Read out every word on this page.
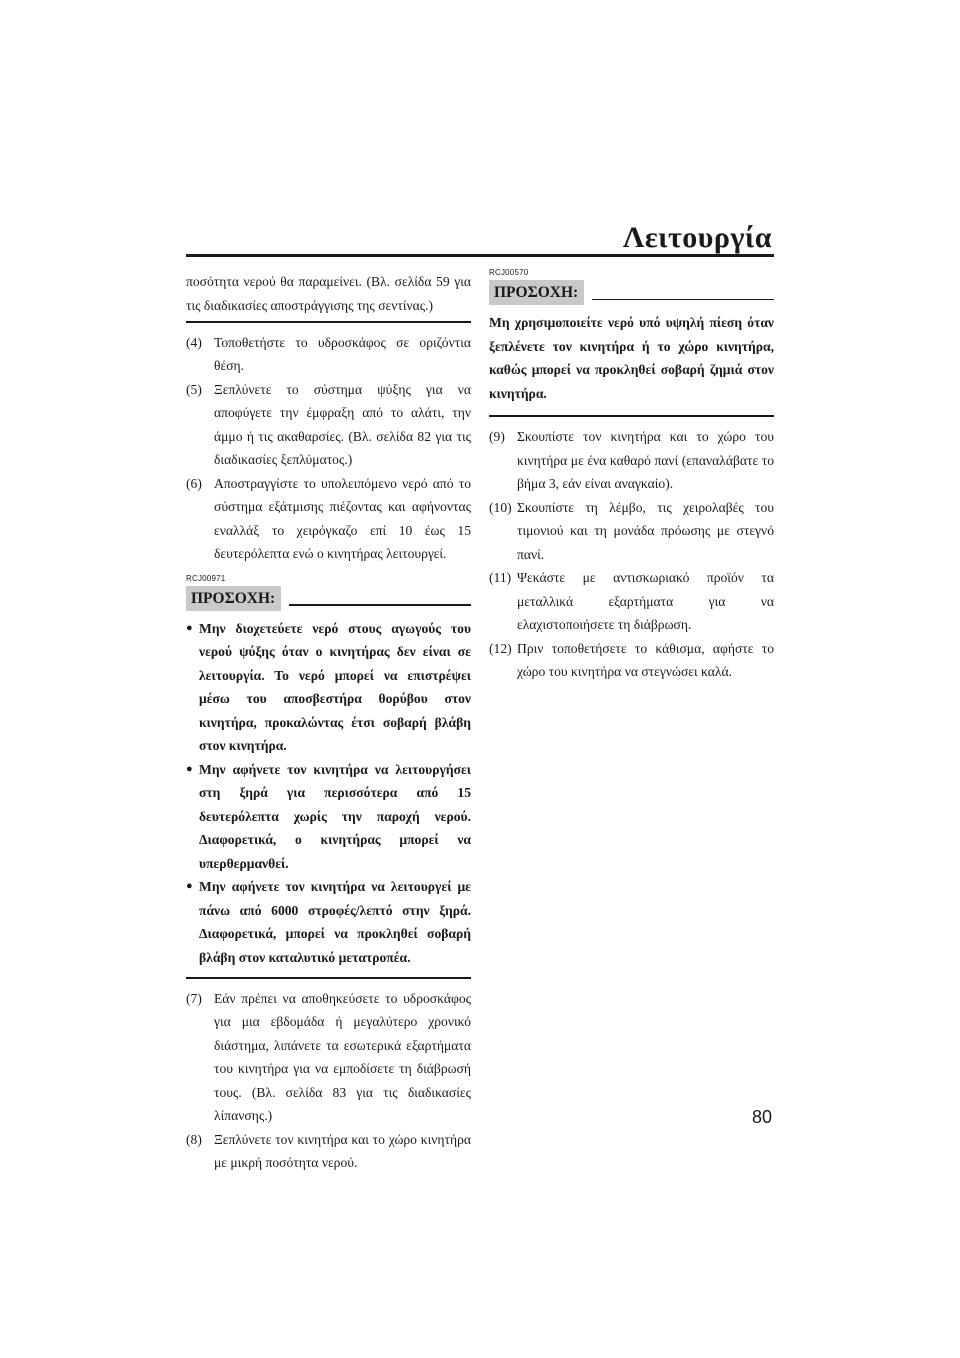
Λειτουργία
ποσότητα νερού θα παραμείνει. (Βλ. σελίδα 59 για τις διαδικασίες αποστράγγισης της σεντίνας.)
(4) Τοποθετήστε το υδροσκάφος σε οριζόντια θέση.
(5) Ξεπλύνετε το σύστημα ψύξης για να αποφύγετε την έμφραξη από το αλάτι, την άμμο ή τις ακαθαρσίες. (Βλ. σελίδα 82 για τις διαδικασίες ξεπλύματος.)
(6) Αποστραγγίστε το υπολειπόμενο νερό από το σύστημα εξάτμισης πιέζοντας και αφήνοντας εναλλάξ το χειρόγκαζο επί 10 έως 15 δευτερόλεπτα ενώ ο κινητήρας λειτουργεί.
RCJ00971
ΠΡΟΣΟΧΗ:
● Μην διοχετεύετε νερό στους αγωγούς του νερού ψύξης όταν ο κινητήρας δεν είναι σε λειτουργία. Το νερό μπορεί να επιστρέψει μέσω του αποσβεστήρα θορύβου στον κινητήρα, προκαλώντας έτσι σοβαρή βλάβη στον κινητήρα.
● Μην αφήνετε τον κινητήρα να λειτουργήσει στη ξηρά για περισσότερα από 15 δευτερόλεπτα χωρίς την παροχή νερού. Διαφορετικά, ο κινητήρας μπορεί να υπερθερμανθεί.
● Μην αφήνετε τον κινητήρα να λειτουργεί με πάνω από 6000 στροφές/λεπτό στην ξηρά. Διαφορετικά, μπορεί να προκληθεί σοβαρή βλάβη στον καταλυτικό μετατροπέα.
(7) Εάν πρέπει να αποθηκεύσετε το υδροσκάφος για μια εβδομάδα ή μεγαλύτερο χρονικό διάστημα, λιπάνετε τα εσωτερικά εξαρτήματα του κινητήρα για να εμποδίσετε τη διάβρωσή τους. (Βλ. σελίδα 83 για τις διαδικασίες λίπανσης.)
(8) Ξεπλύνετε τον κινητήρα και το χώρο κινητήρα με μικρή ποσότητα νερού.
RCJ00570
ΠΡΟΣΟΧΗ:
Μη χρησιμοποιείτε νερό υπό υψηλή πίεση όταν ξεπλένετε τον κινητήρα ή το χώρο κινητήρα, καθώς μπορεί να προκληθεί σοβαρή ζημιά στον κινητήρα.
(9) Σκουπίστε τον κινητήρα και το χώρο του κινητήρα με ένα καθαρό πανί (επαναλάβατε το βήμα 3, εάν είναι αναγκαίο).
(10) Σκουπίστε τη λέμβο, τις χειρολαβές του τιμονιού και τη μονάδα πρόωσης με στεγνό πανί.
(11) Ψεκάστε με αντισκωριακό προϊόν τα μεταλλικά εξαρτήματα για να ελαχιστοποιήσετε τη διάβρωση.
(12) Πριν τοποθετήσετε το κάθισμα, αφήστε το χώρο του κινητήρα να στεγνώσει καλά.
80
